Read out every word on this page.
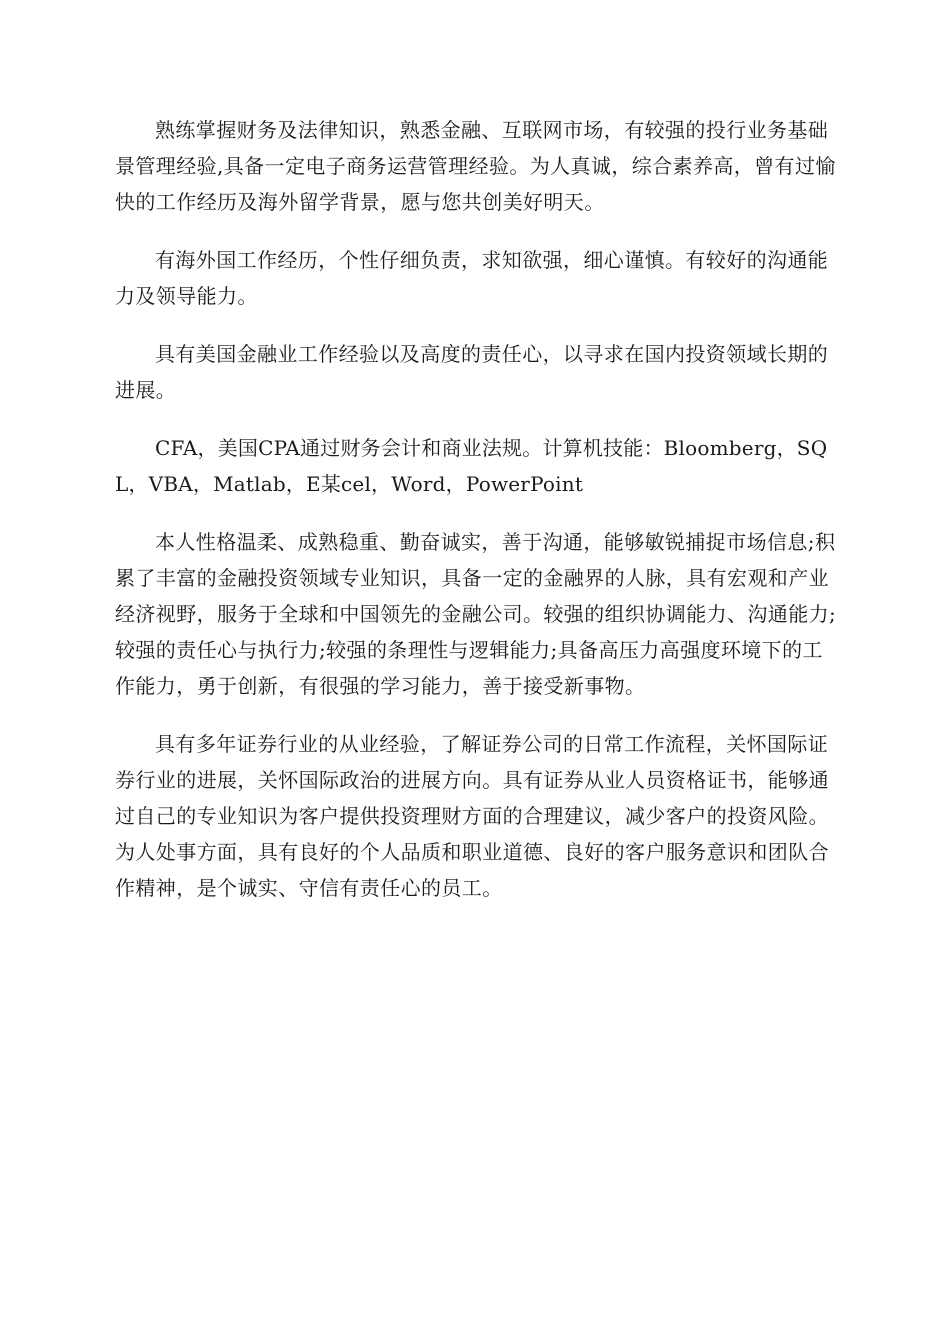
熟练掌握财务及法律知识，熟悉金融、互联网市场，有较强的投行业务基础景管理经验,具备一定电子商务运营管理经验。为人真诚，综合素养高，曾有过愉快的工作经历及海外留学背景，愿与您共创美好明天。

有海外国工作经历，个性仔细负责，求知欲强，细心谨慎。有较好的沟通能力及领导能力。

具有美国金融业工作经验以及高度的责任心，以寻求在国内投资领域长期的进展。

CFA，美国CPA通过财务会计和商业法规。计算机技能：Bloomberg，SQL，VBA，Matlab，E某cel，Word，PowerPoint

本人性格温柔、成熟稳重、勤奋诚实，善于沟通，能够敏锐捕捉市场信息;积累了丰富的金融投资领域专业知识，具备一定的金融界的人脉，具有宏观和产业经济视野，服务于全球和中国领先的金融公司。较强的组织协调能力、沟通能力;较强的责任心与执行力;较强的条理性与逻辑能力;具备高压力高强度环境下的工作能力，勇于创新，有很强的学习能力，善于接受新事物。

具有多年证券行业的从业经验，了解证券公司的日常工作流程，关怀国际证券行业的进展，关怀国际政治的进展方向。具有证券从业人员资格证书，能够通过自己的专业知识为客户提供投资理财方面的合理建议，减少客户的投资风险。为人处事方面，具有良好的个人品质和职业道德、良好的客户服务意识和团队合作精神，是个诚实、守信有责任心的员工。
